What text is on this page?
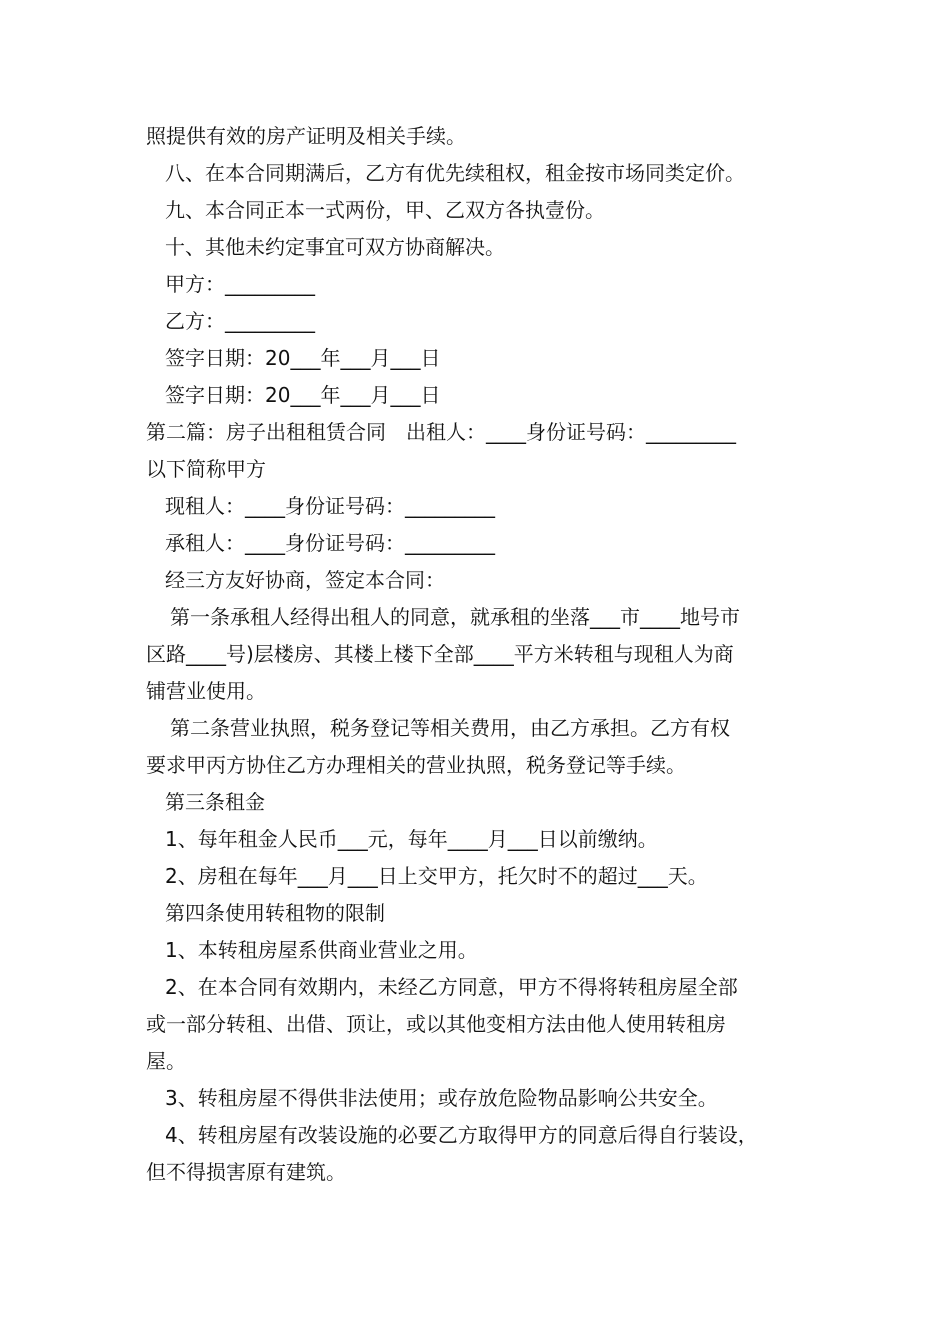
照提供有效的房产证明及相关手续。
八、在本合同期满后，乙方有优先续租权，租金按市场同类定价。
九、本合同正本一式两份，甲、乙双方各执壹份。
十、其他未约定事宜可双方协商解决。
甲方：_________
乙方：_________
签字日期：20___年___月___日
签字日期：20___年___月___日
第二篇：房子出租租赁合同　出租人：____身份证号码：_________
以下简称甲方
现租人：____身份证号码：_________
承租人：____身份证号码：_________
经三方友好协商，签定本合同：
第一条承租人经得出租人的同意，就承租的坐落___市____地号市
区路____号)层楼房、其楼上楼下全部____平方米转租与现租人为商
铺营业使用。
第二条营业执照，税务登记等相关费用，由乙方承担。乙方有权
要求甲丙方协住乙方办理相关的营业执照，税务登记等手续。
第三条租金
1、每年租金人民币___元，每年____月___日以前缴纳。
2、房租在每年___月___日上交甲方，托欠时不的超过___天。
第四条使用转租物的限制
1、本转租房屋系供商业营业之用。
2、在本合同有效期内，未经乙方同意，甲方不得将转租房屋全部
或一部分转租、出借、顶让，或以其他变相方法由他人使用转租房
屋。
3、转租房屋不得供非法使用；或存放危险物品影响公共安全。
4、转租房屋有改装设施的必要乙方取得甲方的同意后得自行装设，
但不得损害原有建筑。
